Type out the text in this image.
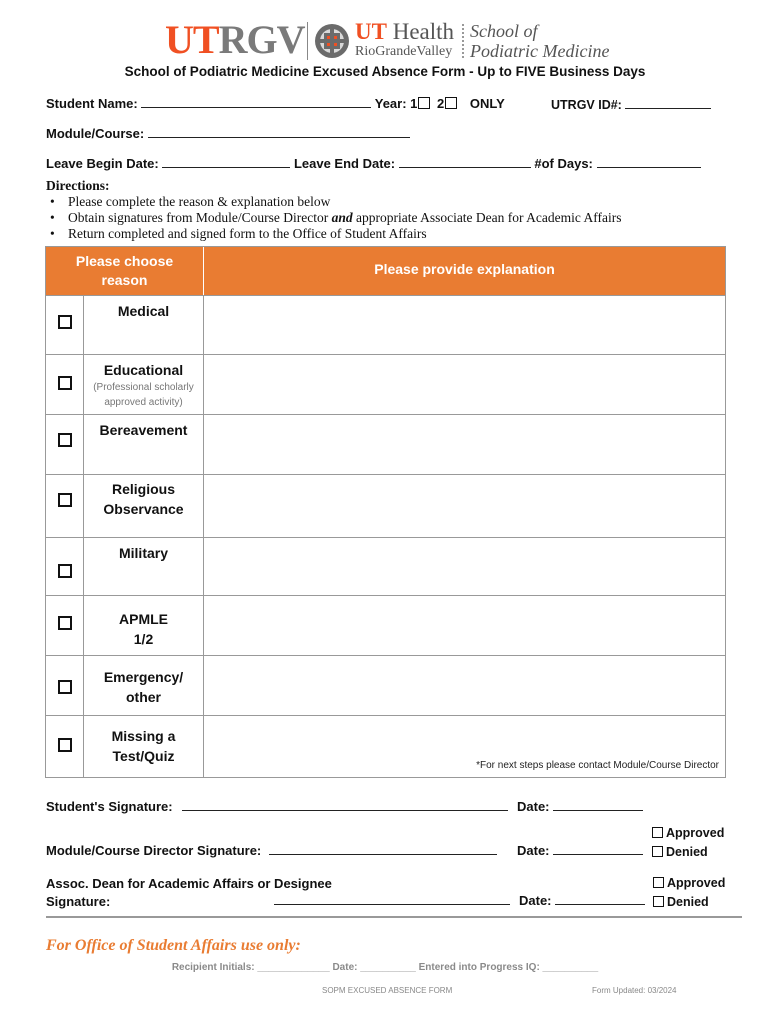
UTRGV UT Health
RioGrandeValley
School of
Podiatric Medicine
School of Podiatric Medicine Excused Absence Form - Up to FIVE Business Days
Student Name:	Year: 1 2 ONLY	UTRGV ID#:
Module/Course:
Leave Begin Date:	Leave End Date:	#of Days:
Directions:
• Please complete the reason & explanation below
• Obtain signatures from Module/Course Director and appropriate Associate Dean for Academic Affairs
• Return completed and signed form to the Office of Student Affairs
Please choose
reason
Please provide explanation
Medical
Educational
(Professional scholarly
approved activity)
Bereavement
Religious
Observance
Military
APMLE
1/2
Emergency/
other
Missing a
Test/Quiz
*For next steps please contact Module/Course Director
Student's Signature:	Date:
Approved
Module/Course Director Signature:	Date:	Denied
Assoc. Dean for Academic Affairs or Designee	Approved
Signature:	Date:	Denied
For Office of Student Affairs use only:
Recipient Initials: _____________ Date: __________ Entered into Progress IQ: __________
SOPM EXCUSED ABSENCE FORM	Form Updated: 03/2024
